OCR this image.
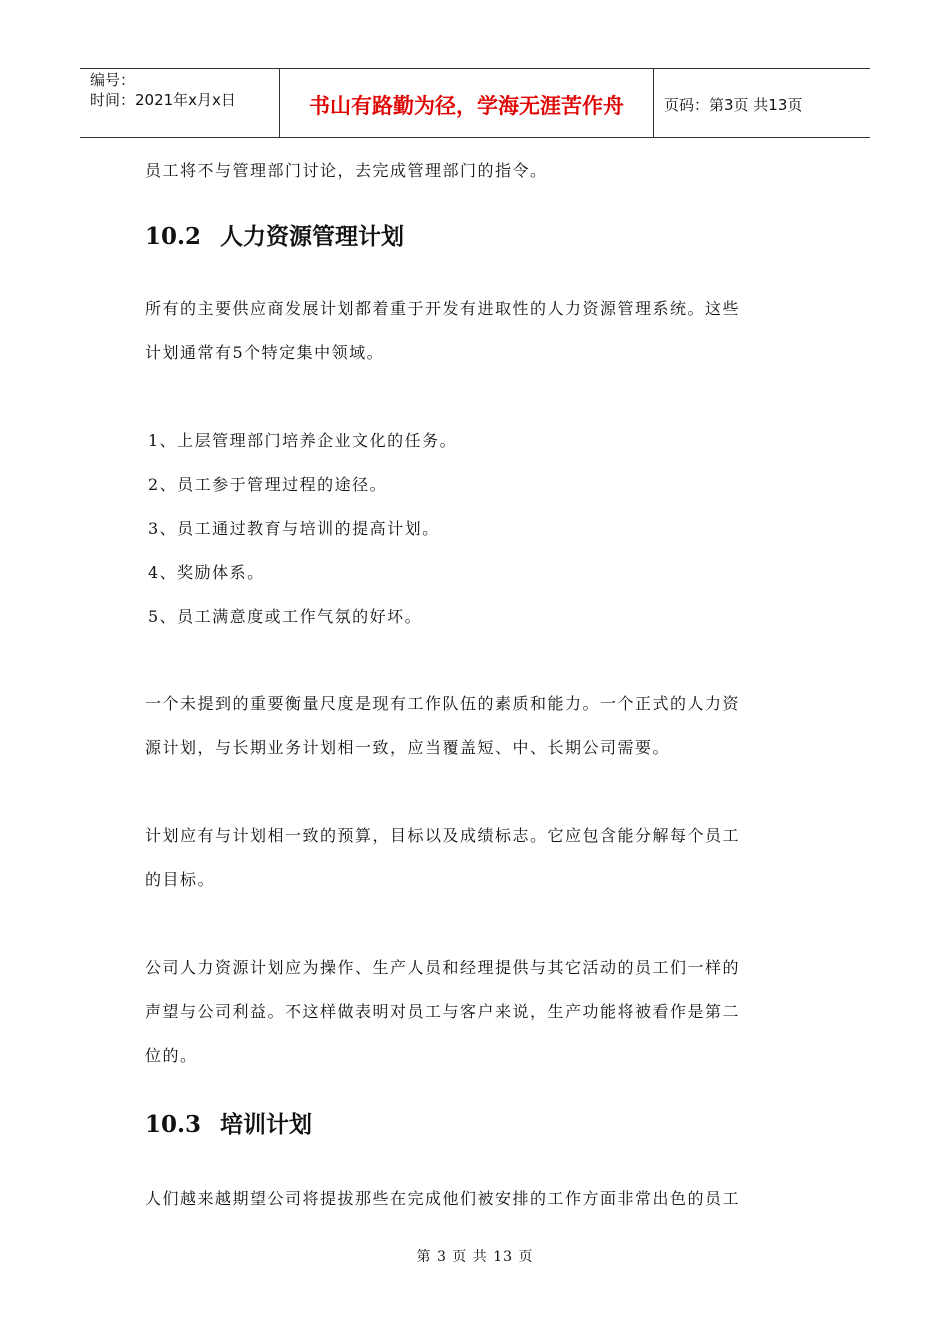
编号：
时间：2021年x月x日	书山有路勤为径，学海无涯苦作舟	页码：第3页 共13页
员工将不与管理部门讨论，去完成管理部门的指令。
10.2 人力资源管理计划
所有的主要供应商发展计划都着重于开发有进取性的人力资源管理系统。这些
计划通常有5个特定集中领域。
1、上层管理部门培养企业文化的任务。
2、员工参于管理过程的途径。
3、员工通过教育与培训的提高计划。
4、奖励体系。
5、员工满意度或工作气氛的好坏。
一个未提到的重要衡量尺度是现有工作队伍的素质和能力。一个正式的人力资
源计划，与长期业务计划相一致，应当覆盖短、中、长期公司需要。
计划应有与计划相一致的预算，目标以及成绩标志。它应包含能分解每个员工
的目标。
公司人力资源计划应为操作、生产人员和经理提供与其它活动的员工们一样的
声望与公司利益。不这样做表明对员工与客户来说，生产功能将被看作是第二
位的。
10.3 培训计划
人们越来越期望公司将提拔那些在完成他们被安排的工作方面非常出色的员工
第 3 页 共 13 页
